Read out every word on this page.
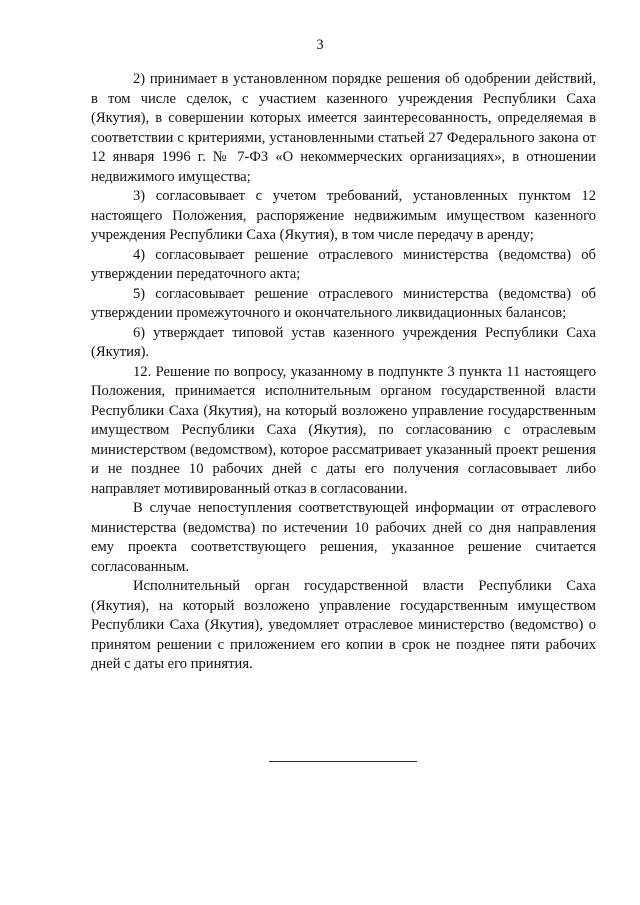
3

2) принимает в установленном порядке решения об одобрении действий, в том числе сделок, с участием казенного учреждения Республики Саха (Якутия), в совершении которых имеется заинтересованность, определяемая в соответствии с критериями, установленными статьей 27 Федерального закона от 12 января 1996 г. № 7-ФЗ «О некоммерческих организациях», в отношении недвижимого имущества;

3) согласовывает с учетом требований, установленных пунктом 12 настоящего Положения, распоряжение недвижимым имуществом казенного учреждения Республики Саха (Якутия), в том числе передачу в аренду;

4) согласовывает решение отраслевого министерства (ведомства) об утверждении передаточного акта;

5) согласовывает решение отраслевого министерства (ведомства) об утверждении промежуточного и окончательного ликвидационных балансов;

6) утверждает типовой устав казенного учреждения Республики Саха (Якутия).

12. Решение по вопросу, указанному в подпункте 3 пункта 11 настоящего Положения, принимается исполнительным органом государственной власти Республики Саха (Якутия), на который возложено управление государственным имуществом Республики Саха (Якутия), по согласованию с отраслевым министерством (ведомством), которое рассматривает указанный проект решения и не позднее 10 рабочих дней с даты его получения согласовывает либо направляет мотивированный отказ в согласовании.

В случае непоступления соответствующей информации от отраслевого министерства (ведомства) по истечении 10 рабочих дней со дня направления ему проекта соответствующего решения, указанное решение считается согласованным.

Исполнительный орган государственной власти Республики Саха (Якутия), на который возложено управление государственным имуществом Республики Саха (Якутия), уведомляет отраслевое министерство (ведомство) о принятом решении с приложением его копии в срок не позднее пяти рабочих дней с даты его принятия.
